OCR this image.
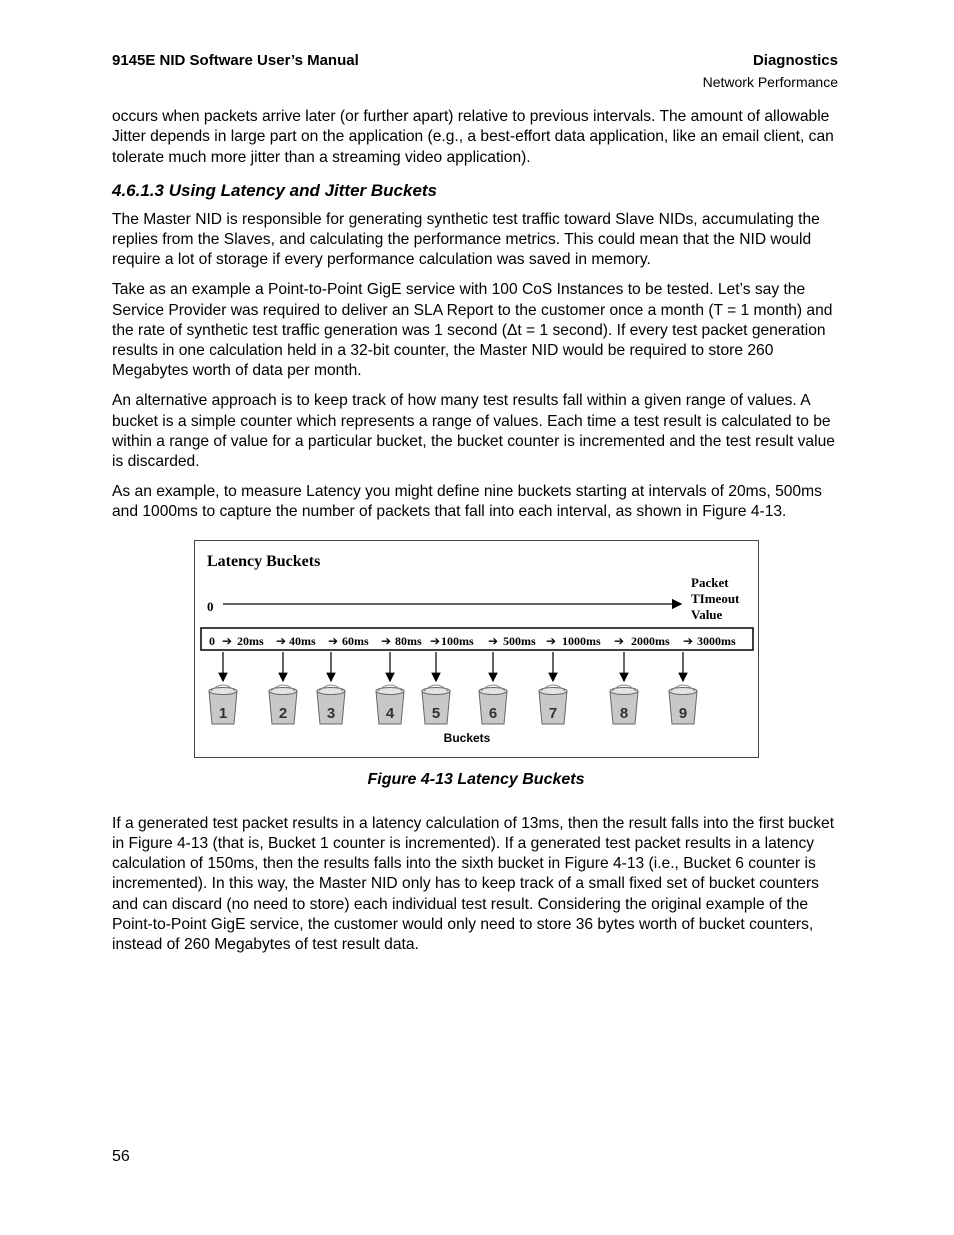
9145E NID Software User’s Manual	Diagnostics
Network Performance

occurs when packets arrive later (or further apart) relative to previous intervals. The amount of allowable Jitter depends in large part on the application (e.g., a best-effort data application, like an email client, can tolerate much more jitter than a streaming video application).

4.6.1.3 Using Latency and Jitter Buckets

The Master NID is responsible for generating synthetic test traffic toward Slave NIDs, accumulating the replies from the Slaves, and calculating the performance metrics. This could mean that the NID would require a lot of storage if every performance calculation was saved in memory.

Take as an example a Point-to-Point GigE service with 100 CoS Instances to be tested. Let’s say the Service Provider was required to deliver an SLA Report to the customer once a month (T = 1 month) and the rate of synthetic test traffic generation was 1 second (Δt = 1 second). If every test packet generation results in one calculation held in a 32-bit counter, the Master NID would be required to store 260 Megabytes worth of data per month.

An alternative approach is to keep track of how many test results fall within a given range of values. A bucket is a simple counter which represents a range of values. Each time a test result is calculated to be within a range of value for a particular bucket, the bucket counter is incremented and the test result value is discarded.

As an example, to measure Latency you might define nine buckets starting at intervals of 20ms, 500ms and 1000ms to capture the number of packets that fall into each interval, as shown in Figure 4-13.

Latency Buckets
0
Packet
TImeout
Value
0 20ms 40ms 60ms 80ms 100ms 500ms 1000ms	2000ms 3000ms
➔	➔	➔	➔	➔	➔	➔	➔	➔
1	2	3	4	5	6	7	8	9
Buckets
Figure 4-13 Latency Buckets

If a generated test packet results in a latency calculation of 13ms, then the result falls into the first bucket in Figure 4-13 (that is, Bucket 1 counter is incremented). If a generated test packet results in a latency calculation of 150ms, then the results falls into the sixth bucket in Figure 4-13 (i.e., Bucket 6 counter is incremented). In this way, the Master NID only has to keep track of a small fixed set of bucket counters and can discard (no need to store) each individual test result. Considering the original example of the Point-to-Point GigE service, the customer would only need to store 36 bytes worth of bucket counters, instead of 260 Megabytes of test result data.

56
